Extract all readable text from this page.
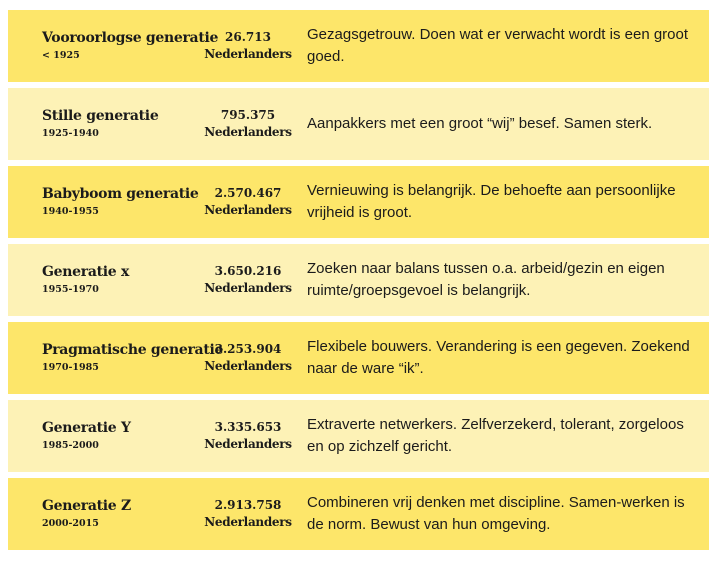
Vooroorlogse generatie
< 1925
26.713
Nederlanders
Gezagsgetrouw. Doen wat er verwacht wordt is een groot goed.
Stille generatie
1925-1940
795.375
Nederlanders Aanpakkers met een groot “wij” besef. Samen sterk.
Babyboom generatie
1940-1955
2.570.467
Nederlanders
Vernieuwing is belangrijk. De behoefte aan persoonlijke vrijheid is groot.
Generatie x
1955-1970
3.650.216
Nederlanders
Zoeken naar balans tussen o.a. arbeid/gezin en eigen ruimte/groepsgevoel is belangrijk.
Pragmatische generatie
1970-1985
3.253.904
Nederlanders
Flexibele bouwers. Verandering is een gegeven. Zoekend naar de ware “ik”.
Generatie Y
1985-2000
3.335.653
Nederlanders
Extraverte netwerkers. Zelfverzekerd, tolerant, zorgeloos en op zichzelf gericht.
Generatie Z
2000-2015
2.913.758
Nederlanders
Combineren vrij denken met discipline. Samen-werken is de norm. Bewust van hun omgeving.
